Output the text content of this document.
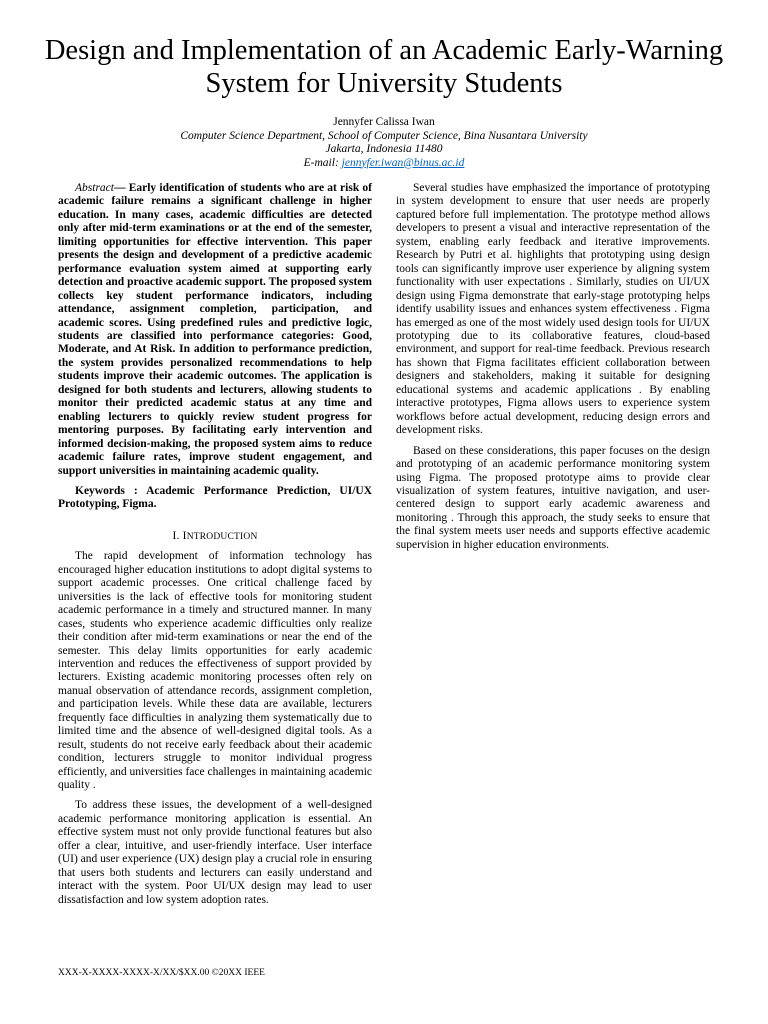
Design and Implementation of an Academic Early-Warning System for University Students
Jennyfer Calissa Iwan
Computer Science Department, School of Computer Science, Bina Nusantara University
Jakarta, Indonesia 11480
E-mail: jennyfer.iwan@binus.ac.id

Abstract— Early identification of students who are at risk of academic failure remains a significant challenge in higher education. In many cases, academic difficulties are detected only after mid-term examinations or at the end of the semester, limiting opportunities for effective intervention. This paper presents the design and development of a predictive academic performance evaluation system aimed at supporting early detection and proactive academic support. The proposed system collects key student performance indicators, including attendance, assignment completion, participation, and academic scores. Using predefined rules and predictive logic, students are classified into performance categories: Good, Moderate, and At Risk. In addition to performance prediction, the system provides personalized recommendations to help students improve their academic outcomes. The application is designed for both students and lecturers, allowing students to monitor their predicted academic status at any time and enabling lecturers to quickly review student progress for mentoring purposes. By facilitating early intervention and informed decision-making, the proposed system aims to reduce academic failure rates, improve student engagement, and support universities in maintaining academic quality.

Keywords : Academic Performance Prediction, UI/UX Prototyping, Figma.

I. INTRODUCTION

The rapid development of information technology has encouraged higher education institutions to adopt digital systems to support academic processes. One critical challenge faced by universities is the lack of effective tools for monitoring student academic performance in a timely and structured manner. In many cases, students who experience academic difficulties only realize their condition after mid-term examinations or near the end of the semester. This delay limits opportunities for early academic intervention and reduces the effectiveness of support provided by lecturers. Existing academic monitoring processes often rely on manual observation of attendance records, assignment completion, and participation levels. While these data are available, lecturers frequently face difficulties in analyzing them systematically due to limited time and the absence of well-designed digital tools. As a result, students do not receive early feedback about their academic condition, lecturers struggle to monitor individual progress efficiently, and universities face challenges in maintaining academic quality .

To address these issues, the development of a well-designed academic performance monitoring application is essential. An effective system must not only provide functional features but also offer a clear, intuitive, and user-friendly interface. User interface (UI) and user experience (UX) design play a crucial role in ensuring that users both students and lecturers can easily understand and interact with the system. Poor UI/UX design may lead to user dissatisfaction and low system adoption rates.

Several studies have emphasized the importance of prototyping in system development to ensure that user needs are properly captured before full implementation. The prototype method allows developers to present a visual and interactive representation of the system, enabling early feedback and iterative improvements. Research by Putri et al. highlights that prototyping using design tools can significantly improve user experience by aligning system functionality with user expectations . Similarly, studies on UI/UX design using Figma demonstrate that early-stage prototyping helps identify usability issues and enhances system effectiveness . Figma has emerged as one of the most widely used design tools for UI/UX prototyping due to its collaborative features, cloud-based environment, and support for real-time feedback. Previous research has shown that Figma facilitates efficient collaboration between designers and stakeholders, making it suitable for designing educational systems and academic applications . By enabling interactive prototypes, Figma allows users to experience system workflows before actual development, reducing design errors and development risks.

Based on these considerations, this paper focuses on the design and prototyping of an academic performance monitoring system using Figma. The proposed prototype aims to provide clear visualization of system features, intuitive navigation, and user-centered design to support early academic awareness and monitoring . Through this approach, the study seeks to ensure that the final system meets user needs and supports effective academic supervision in higher education environments.

XXX-X-XXXX-XXXX-X/XX/$XX.00 ©20XX IEEE
